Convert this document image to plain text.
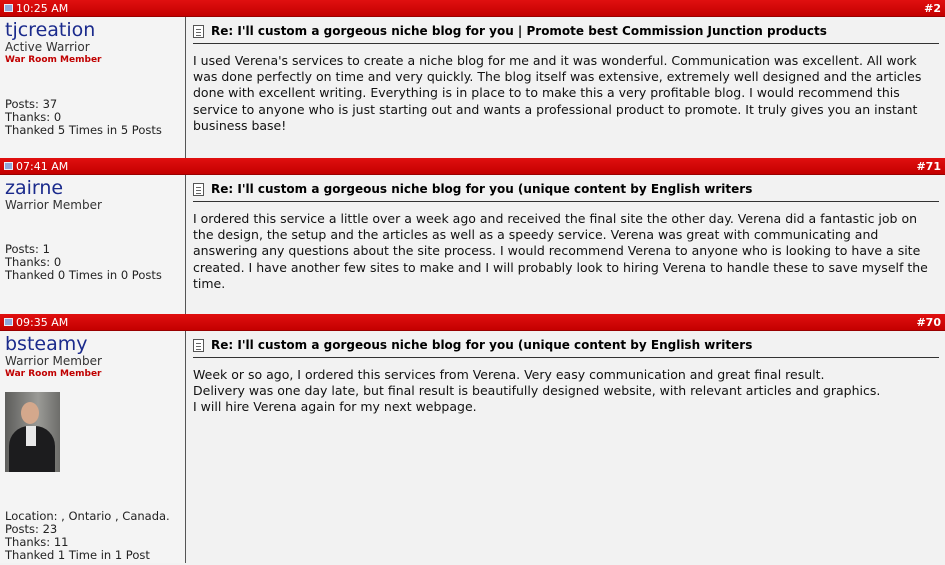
10:25 AM	#2
tjcreation
Active Warrior
War Room Member
Posts: 37
Thanks: 0
Thanked 5 Times in 5 Posts
Re: I'll custom a gorgeous niche blog for you | Promote best Commission Junction products
I used Verena's services to create a niche blog for me and it was wonderful. Communication was excellent. All work was done perfectly on time and very quickly. The blog itself was extensive, extremely well designed and the articles done with excellent writing. Everything is in place to to make this a very profitable blog. I would recommend this service to anyone who is just starting out and wants a professional product to promote. It truly gives you an instant business base!
07:41 AM	#71
zairne
Warrior Member
Posts: 1
Thanks: 0
Thanked 0 Times in 0 Posts
Re: I'll custom a gorgeous niche blog for you (unique content by English writers
I ordered this service a little over a week ago and received the final site the other day. Verena did a fantastic job on the design, the setup and the articles as well as a speedy service. Verena was great with communicating and answering any questions about the site process. I would recommend Verena to anyone who is looking to have a site created. I have another few sites to make and I will probably look to hiring Verena to handle these to save myself the time.
09:35 AM	#70
bsteamy
Warrior Member
War Room Member
Location: , Ontario , Canada.
Posts: 23
Thanks: 11
Thanked 1 Time in 1 Post
Re: I'll custom a gorgeous niche blog for you (unique content by English writers
Week or so ago, I ordered this services from Verena. Very easy communication and great final result.
Delivery was one day late, but final result is beautifully designed website, with relevant articles and graphics.
I will hire Verena again for my next webpage.
